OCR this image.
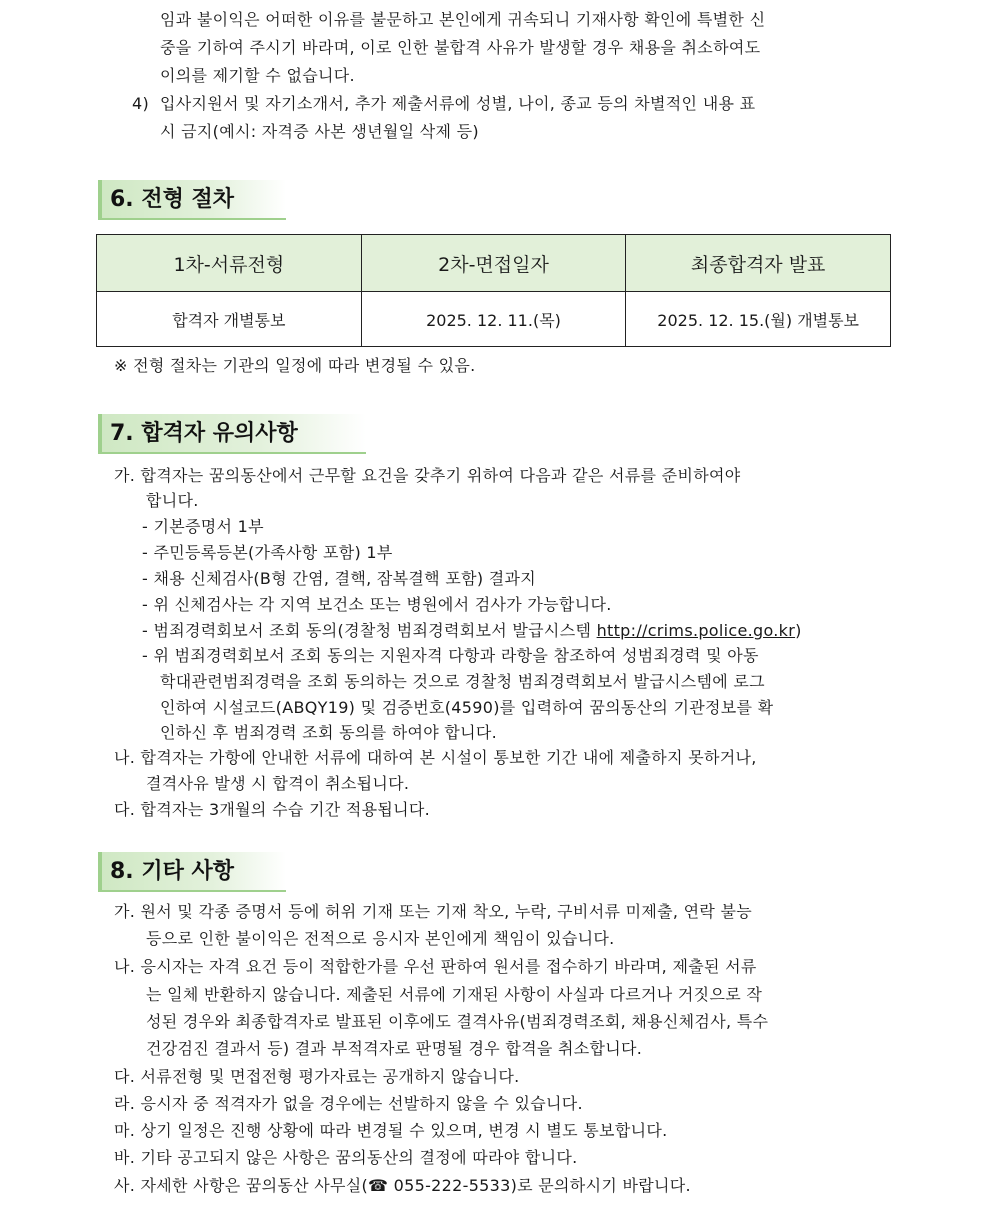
임과 불이익은 어떠한 이유를 불문하고 본인에게 귀속되니 기재사항 확인에 특별한 신
중을 기하여 주시기 바라며, 이로 인한 불합격 사유가 발생할 경우 채용을 취소하여도
이의를 제기할 수 없습니다.
4) 입사지원서 및 자기소개서, 추가 제출서류에 성별, 나이, 종교 등의 차별적인 내용 표
시 금지(예시: 자격증 사본 생년월일 삭제 등)
6. 전형 절차
1차-서류전형	2차-면접일자	최종합격자 발표
합격자 개별통보	2025. 12. 11.(목)	2025. 12. 15.(월) 개별통보
※ 전형 절차는 기관의 일정에 따라 변경될 수 있음.
7. 합격자 유의사항
가. 합격자는 꿈의동산에서 근무할 요건을 갖추기 위하여 다음과 같은 서류를 준비하여야
합니다.
- 기본증명서 1부
- 주민등록등본(가족사항 포함) 1부
- 채용 신체검사(B형 간염, 결핵, 잠복결핵 포함) 결과지
- 위 신체검사는 각 지역 보건소 또는 병원에서 검사가 가능합니다.
- 범죄경력회보서 조회 동의(경찰청 범죄경력회보서 발급시스템 http://crims.police.go.kr)
- 위 범죄경력회보서 조회 동의는 지원자격 다항과 라항을 참조하여 성범죄경력 및 아동
학대관련범죄경력을 조회 동의하는 것으로 경찰청 범죄경력회보서 발급시스템에 로그
인하여 시설코드(ABQY19) 및 검증번호(4590)를 입력하여 꿈의동산의 기관정보를 확
인하신 후 범죄경력 조회 동의를 하여야 합니다.
나. 합격자는 가항에 안내한 서류에 대하여 본 시설이 통보한 기간 내에 제출하지 못하거나,
결격사유 발생 시 합격이 취소됩니다.
다. 합격자는 3개월의 수습 기간 적용됩니다.
8. 기타 사항
가. 원서 및 각종 증명서 등에 허위 기재 또는 기재 착오, 누락, 구비서류 미제출, 연락 불능
등으로 인한 불이익은 전적으로 응시자 본인에게 책임이 있습니다.
나. 응시자는 자격 요건 등이 적합한가를 우선 판하여 원서를 접수하기 바라며, 제출된 서류
는 일체 반환하지 않습니다. 제출된 서류에 기재된 사항이 사실과 다르거나 거짓으로 작
성된 경우와 최종합격자로 발표된 이후에도 결격사유(범죄경력조회, 채용신체검사, 특수
건강검진 결과서 등) 결과 부적격자로 판명될 경우 합격을 취소합니다.
다. 서류전형 및 면접전형 평가자료는 공개하지 않습니다.
라. 응시자 중 적격자가 없을 경우에는 선발하지 않을 수 있습니다.
마. 상기 일정은 진행 상황에 따라 변경될 수 있으며, 변경 시 별도 통보합니다.
바. 기타 공고되지 않은 사항은 꿈의동산의 결정에 따라야 합니다.
사. 자세한 사항은 꿈의동산 사무실(☎ 055-222-5533)로 문의하시기 바랍니다.
